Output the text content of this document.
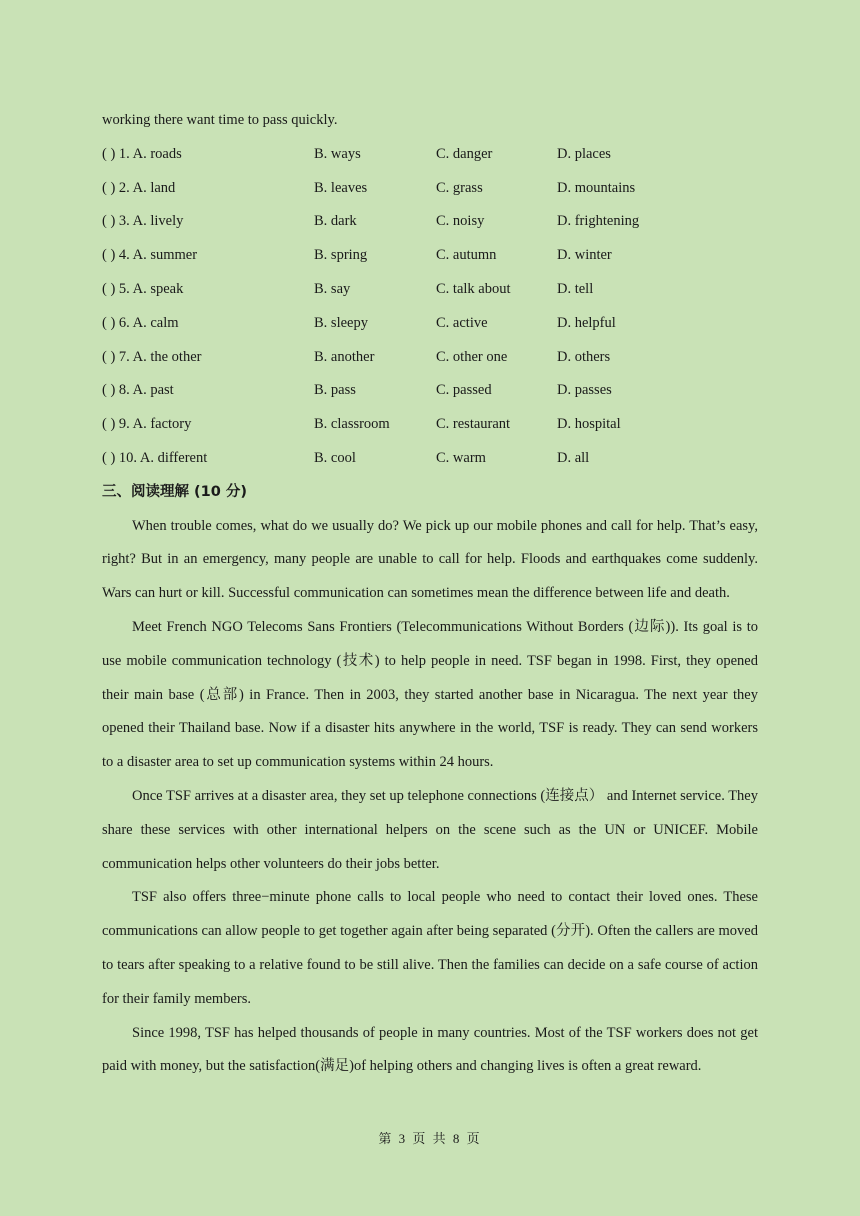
working there want time to pass quickly.
( ) 1. A. roads	B. ways	C. danger	D. places
( ) 2. A. land	B. leaves	C. grass	D. mountains
( ) 3. A. lively	B. dark	C. noisy	D. frightening
( ) 4. A. summer	B. spring	C. autumn	D. winter
( ) 5. A. speak	B. say	C. talk about	D. tell
( ) 6. A. calm	B. sleepy	C. active	D. helpful
( ) 7. A. the other	B. another	C. other one	D. others
( ) 8. A. past	B. pass	C. passed	D. passes
( ) 9. A. factory	B. classroom	C. restaurant	D. hospital
( ) 10. A. different	B. cool	C. warm	D. all
三、阅读理解 (10 分)

When trouble comes, what do we usually do? We pick up our mobile phones and call for help. That’s easy, right? But in an emergency, many people are unable to call for help. Floods and earthquakes come suddenly. Wars can hurt or kill. Successful communication can sometimes mean the difference between life and death.

Meet French NGO Telecoms Sans Frontiers (Telecommunications Without Borders (边际)). Its goal is to use mobile communication technology (技术) to help people in need. TSF began in 1998. First, they opened their main base (总部) in France. Then in 2003, they started another base in Nicaragua. The next year they opened their Thailand base. Now if a disaster hits anywhere in the world, TSF is ready. They can send workers to a disaster area to set up communication systems within 24 hours.

Once TSF arrives at a disaster area, they set up telephone connections (连接点） and Internet service. They share these services with other international helpers on the scene such as the UN or UNICEF. Mobile communication helps other volunteers do their jobs better.

TSF also offers three−minute phone calls to local people who need to contact their loved ones. These communications can allow people to get together again after being separated (分开). Often the callers are moved to tears after speaking to a relative found to be still alive. Then the families can decide on a safe course of action for their family members.

Since 1998, TSF has helped thousands of people in many countries. Most of the TSF workers does not get paid with money, but the satisfaction(满足)of helping others and changing lives is often a great reward.

第 3 页 共 8 页
